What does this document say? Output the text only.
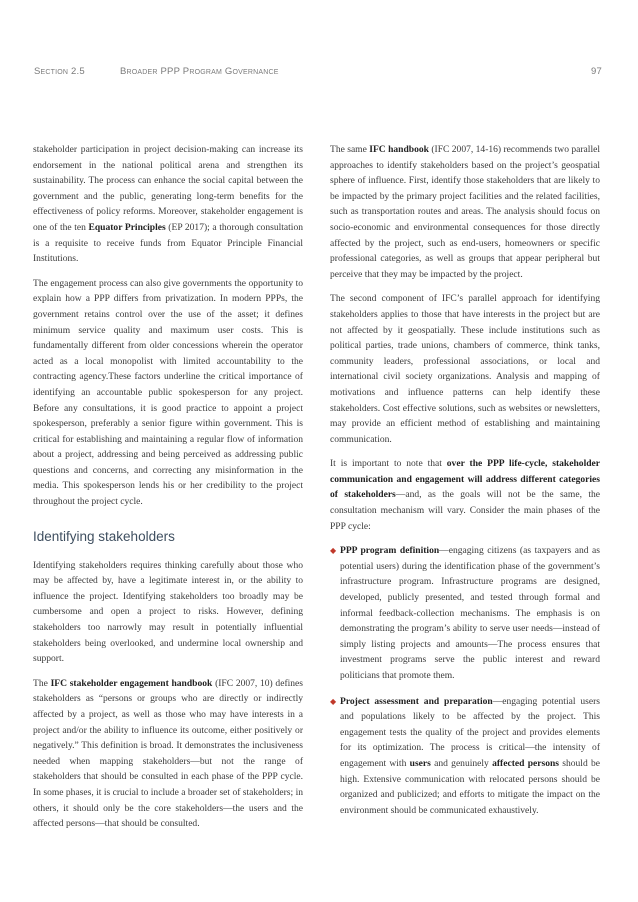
Section 2.5	Broader PPP Program Governance	97

stakeholder participation in project decision-making can increase its endorsement in the national political arena and strengthen its sustainability. The process can enhance the social capital between the government and the public, generating long-term benefits for the effectiveness of policy reforms. Moreover, stakeholder engagement is one of the ten Equator Principles (EP 2017); a thorough consultation is a requisite to receive funds from Equator Principle Financial Institutions.

The engagement process can also give governments the opportunity to explain how a PPP differs from privatization. In modern PPPs, the government retains control over the use of the asset; it defines minimum service quality and maximum user costs. This is fundamentally different from older concessions wherein the operator acted as a local monopolist with limited accountability to the contracting agency.These factors underline the critical importance of identifying an accountable public spokesperson for any project. Before any consultations, it is good practice to appoint a project spokesperson, preferably a senior figure within government. This is critical for establishing and maintaining a regular flow of information about a project, addressing and being perceived as addressing public questions and concerns, and correcting any misinformation in the media. This spokesperson lends his or her credibility to the project throughout the project cycle.

Identifying stakeholders

Identifying stakeholders requires thinking carefully about those who may be affected by, have a legitimate interest in, or the ability to influence the project. Identifying stakeholders too broadly may be cumbersome and open a project to risks. However, defining stakeholders too narrowly may result in potentially influential stakeholders being overlooked, and undermine local ownership and support.

The IFC stakeholder engagement handbook (IFC 2007, 10) defines stakeholders as “persons or groups who are directly or indirectly affected by a project, as well as those who may have interests in a project and/or the ability to influence its outcome, either positively or negatively.” This definition is broad. It demonstrates the inclusiveness needed when mapping stakeholders—but not the range of stakeholders that should be consulted in each phase of the PPP cycle. In some phases, it is crucial to include a broader set of stakeholders; in others, it should only be the core stakeholders—the users and the affected persons—that should be consulted.

The same IFC handbook (IFC 2007, 14-16) recommends two parallel approaches to identify stakeholders based on the project’s geospatial sphere of influence. First, identify those stakeholders that are likely to be impacted by the primary project facilities and the related facilities, such as transportation routes and areas. The analysis should focus on socio-economic and environmental consequences for those directly affected by the project, such as end-users, homeowners or specific professional categories, as well as groups that appear peripheral but perceive that they may be impacted by the project.

The second component of IFC’s parallel approach for identifying stakeholders applies to those that have interests in the project but are not affected by it geospatially. These include institutions such as political parties, trade unions, chambers of commerce, think tanks, community leaders, professional associations, or local and international civil society organizations. Analysis and mapping of motivations and influence patterns can help identify these stakeholders. Cost effective solutions, such as websites or newsletters, may provide an efficient method of establishing and maintaining communication.

It is important to note that over the PPP life-cycle, stakeholder communication and engagement will address different categories of stakeholders—and, as the goals will not be the same, the consultation mechanism will vary. Consider the main phases of the PPP cycle:

◆ PPP program definition—engaging citizens (as taxpayers and as potential users) during the identification phase of the government’s infrastructure program. Infrastructure programs are designed, developed, publicly presented, and tested through formal and informal feedback-collection mechanisms. The emphasis is on demonstrating the program’s ability to serve user needs—instead of simply listing projects and amounts—The process ensures that investment programs serve the public interest and reward politicians that promote them.
◆ Project assessment and preparation—engaging potential users and populations likely to be affected by the project. This engagement tests the quality of the project and provides elements for its optimization. The process is critical—the intensity of engagement with users and genuinely affected persons should be high. Extensive communication with relocated persons should be organized and publicized; and efforts to mitigate the impact on the environment should be communicated exhaustively.
